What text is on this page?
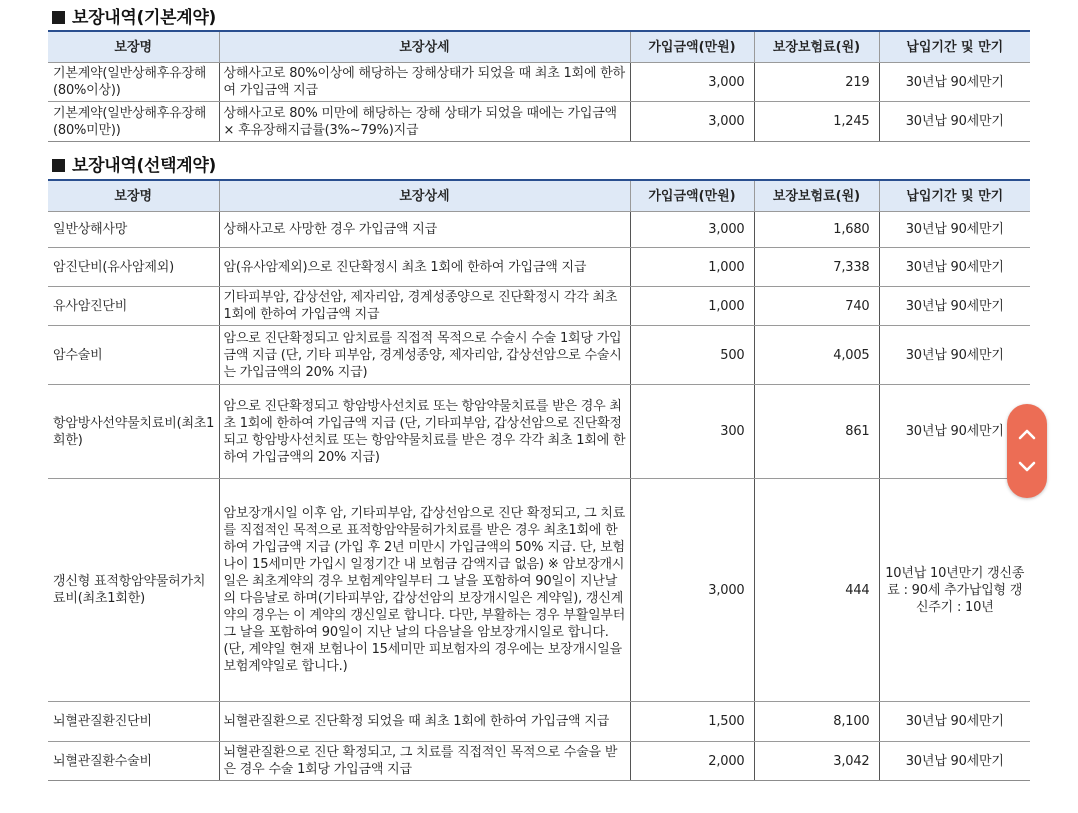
보장내역(기본계약)
보장명	보장상세	가입금액(만원)	보장보험료(원)	납입기간 및 만기
기본계약(일반상해후유장해(80%이상))	상해사고로 80%이상에 해당하는 장해상태가 되었을 때 최초 1회에 한하여 가입금액 지급	3,000	219	30년납 90세만기
기본계약(일반상해후유장해(80%미만))	상해사고로 80% 미만에 해당하는 장해 상태가 되었을 때에는 가입금액× 후유장해지급률(3%~79%)지급	3,000	1,245	30년납 90세만기
보장내역(선택계약)
보장명	보장상세	가입금액(만원)	보장보험료(원)	납입기간 및 만기
일반상해사망	상해사고로 사망한 경우 가입금액 지급	3,000	1,680	30년납 90세만기
암진단비(유사암제외)	암(유사암제외)으로 진단확정시 최초 1회에 한하여 가입금액 지급	1,000	7,338	30년납 90세만기
유사암진단비	기타피부암, 갑상선암, 제자리암, 경계성종양으로 진단확정시 각각 최초 1회에 한하여 가입금액 지급	1,000	740	30년납 90세만기
암수술비	암으로 진단확정되고 암치료를 직접적 목적으로 수술시 수술 1회당 가입금액 지급 (단, 기타 피부암, 경계성종양, 제자리암, 갑상선암으로 수술시는 가입금액의 20% 지급)	500	4,005	30년납 90세만기
항암방사선약물치료비(최초1회한)	암으로 진단확정되고 항암방사선치료 또는 항암약물치료를 받은 경우 최초 1회에 한하여 가입금액 지급 (단, 기타피부암, 갑상선암으로 진단확정되고 항암방사선치료 또는 항암약물치료를 받은 경우 각각 최초 1회에 한하여 가입금액의 20% 지급)	300	861	30년납 90세만기
갱신형 표적항암약물허가치료비(최초1회한)	암보장개시일 이후 암, 기타피부암, 갑상선암으로 진단 확정되고, 그 치료를 직접적인 목적으로 표적항암약물허가치료를 받은 경우 최초1회에 한하여 가입금액 지급 (가입 후 2년 미만시 가입금액의 50% 지급. 단, 보험나이 15세미만 가입시 일정기간 내 보험금 감액지급 없음) ※ 암보장개시일은 최초계약의 경우 보험계약일부터 그 날을 포함하여 90일이 지난날의 다음날로 하며(기타피부암, 갑상선암의 보장개시일은 계약일), 갱신계약의 경우는 이 계약의 갱신일로 합니다. 다만, 부활하는 경우 부활일부터 그 날을 포함하여 90일이 지난 날의 다음날을 암보장개시일로 합니다. (단, 계약일 현재 보험나이 15세미만 피보험자의 경우에는 보장개시일을 보험계약일로 합니다.)	3,000	444	10년납 10년만기 갱신종료 : 90세 추가납입형 갱신주기 : 10년
뇌혈관질환진단비	뇌혈관질환으로 진단확정 되었을 때 최초 1회에 한하여 가입금액 지급	1,500	8,100	30년납 90세만기
뇌혈관질환수술비	뇌혈관질환으로 진단 확정되고, 그 치료를 직접적인 목적으로 수술을 받은 경우 수술 1회당 가입금액 지급	2,000	3,042	30년납 90세만기
